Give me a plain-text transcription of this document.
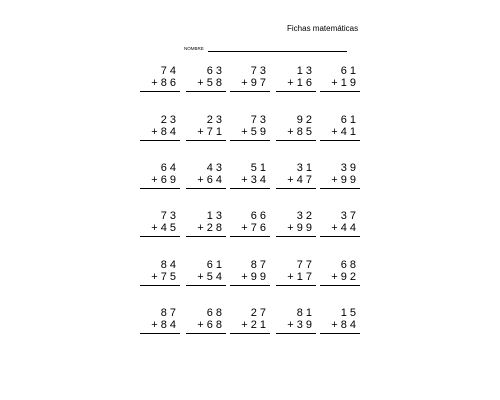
Fichas matemáticas
NOMBRE
7 4
+ 8 6
6 3
+ 5 8
7 3
+ 9 7
1 3
+ 1 6
6 1
+ 1 9
2 3
+ 8 4
2 3
+ 7 1
7 3
+ 5 9
9 2
+ 8 5
6 1
+ 4 1
6 4
+ 6 9
4 3
+ 6 4
5 1
+ 3 4
3 1
+ 4 7
3 9
+ 9 9
7 3
+ 4 5
1 3
+ 2 8
6 6
+ 7 6
3 2
+ 9 9
3 7
+ 4 4
8 4
+ 7 5
6 1
+ 5 4
8 7
+ 9 9
7 7
+ 1 7
6 8
+ 9 2
8 7
+ 8 4
6 8
+ 6 8
2 7
+ 2 1
8 1
+ 3 9
1 5
+ 8 4
